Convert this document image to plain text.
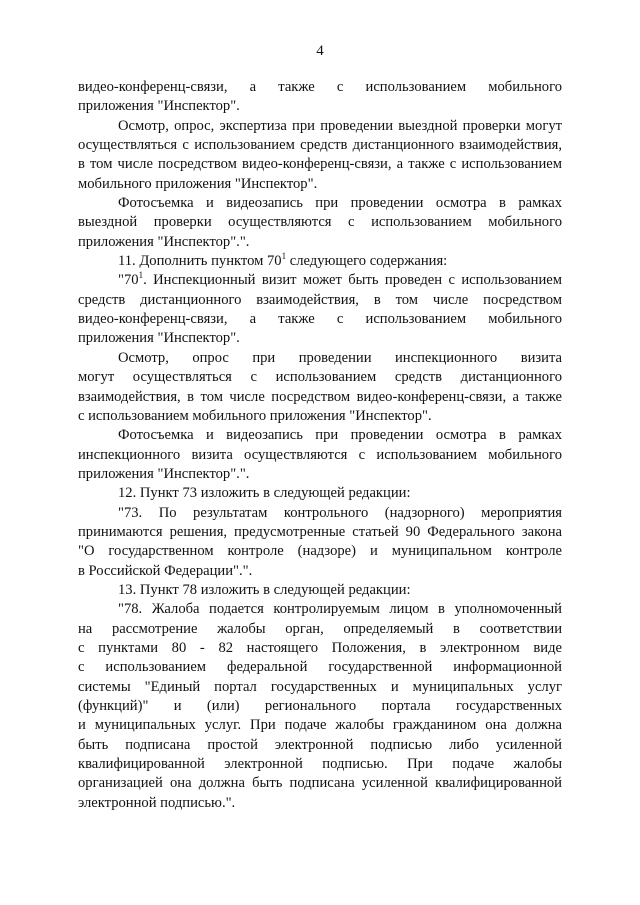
4
видео-конференц-связи, а также с использованием мобильного
приложения "Инспектор".
Осмотр, опрос, экспертиза при проведении выездной проверки могут
осуществляться с использованием средств дистанционного взаимодействия,
в том числе посредством видео-конференц-связи, а также с использованием
мобильного приложения "Инспектор".
Фотосъемка и видеозапись при проведении осмотра в рамках
выездной проверки осуществляются с использованием мобильного
приложения "Инспектор".".
11. Дополнить пунктом $70^1$ следующего содержания:
"$70^1$. Инспекционный визит может быть проведен с использованием
средств дистанционного взаимодействия, в том числе посредством
видео-конференц-связи, а также с использованием мобильного
приложения "Инспектор".
Осмотр, опрос при проведении инспекционного визита
могут осуществляться с использованием средств дистанционного
взаимодействия, в том числе посредством видео-конференц-связи, а также
с использованием мобильного приложения "Инспектор".
Фотосъемка и видеозапись при проведении осмотра в рамках
инспекционного визита осуществляются с использованием мобильного
приложения "Инспектор".".
12. Пункт 73 изложить в следующей редакции:
"73. По результатам контрольного (надзорного) мероприятия
принимаются решения, предусмотренные статьей 90 Федерального закона
"О государственном контроле (надзоре) и муниципальном контроле
в Российской Федерации".".
13. Пункт 78 изложить в следующей редакции:
"78. Жалоба подается контролируемым лицом в уполномоченный
на рассмотрение жалобы орган, определяемый в соответствии
с пунктами 80 - 82 настоящего Положения, в электронном виде
с использованием федеральной государственной информационной
системы "Единый портал государственных и муниципальных услуг
(функций)" и (или) регионального портала государственных
и муниципальных услуг. При подаче жалобы гражданином она должна
быть подписана простой электронной подписью либо усиленной
квалифицированной электронной подписью. При подаче жалобы
организацией она должна быть подписана усиленной квалифицированной
электронной подписью.".
